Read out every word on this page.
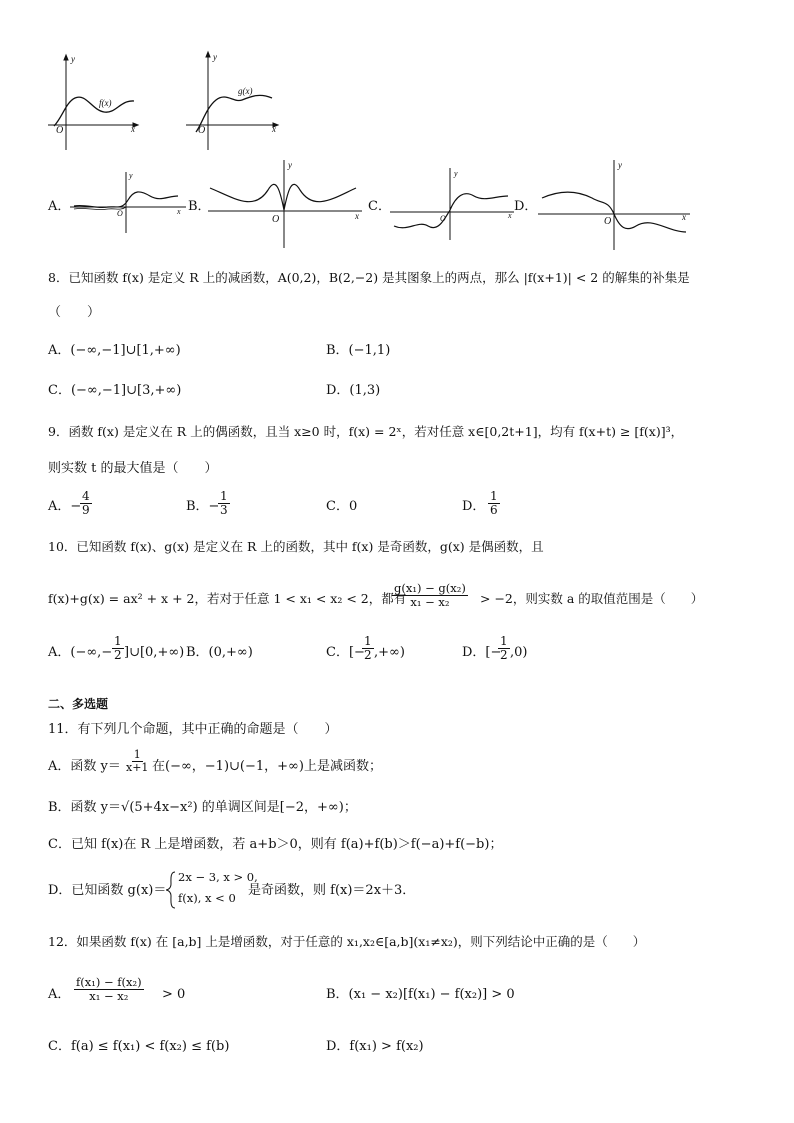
y
x
O
f(x)
y
x
O
g(x)
y
x
O
y
x
O
y
x
O
y
x
O
A．	B．	C．	D．
8．已知函数 f(x) 是定义 R 上的减函数，A(0,2)，B(2,−2) 是其图象上的两点，那么 |f(x+1)| < 2 的解集的补集是
（　　）
A．(−∞,−1]∪[1,+∞)	B．(−1,1)
C．(−∞,−1]∪[3,+∞)	D．(1,3)
9．函数 f(x) 是定义在 R 上的偶函数，且当 x≥0 时，f(x) = 2ˣ，若对任意 x∈[0,2t+1]，均有 f(x+t) ≥ [f(x)]³，
则实数 t 的最大值是（　　）
A．−
$\frac{4}{9}$	B．−
$\frac{1}{3}$	C．0	D． $\frac{1}{6}$
10．已知函数 f(x)、g(x) 是定义在 R 上的函数，其中 f(x) 是奇函数，g(x) 是偶函数，且
f(x)+g(x) = ax² + x + 2，若对于任意 1 < x₁ < x₂ < 2，都有
$\frac{\text{g(x₁) − g(x₂)}}{\text{x₁ − x₂}} > -2$，则实数 a 的取值范围是（　　）
A．(−∞,− $\frac{1}{2}$ ]∪[0,+∞) B．(0,+∞)	C．[−
$\frac{1}{2}$ ,+∞)	D．[−
$\frac{1}{2} ,0$)
二、多选题
11．有下列几个命题，其中正确的命题是（　　）
A．函数 $y= \frac{1}{x+1}$ 在(−∞，−1)∪(−1，+∞)上是减函数；
B．函数 y＝√(5+4x−x²) 的单调区间是[−2，+∞)；
C．已知 f(x)在 R 上是增函数，若 a+b＞0，则有 f(a)+f(b)＞f(−a)+f(−b)；
D．已知函数 g(x)＝
2x − 3, x > 0,
f(x), x < 0 是奇函数，则 f(x)＝2x＋3．
12．如果函数 f(x) 在 [a,b] 上是增函数，对于任意的 x₁,x₂∈[a,b](x₁≠x₂)，则下列结论中正确的是（　　）
A． $\frac{\text{f(x₁) − f(x₂)}}{\text{x₁ − x₂}} > 0$	B．(x₁ − x₂)[f(x₁) − f(x₂)] > 0
C．f(a) ≤ f(x₁) < f(x₂) ≤ f(b)	D．f(x₁) > f(x₂)
